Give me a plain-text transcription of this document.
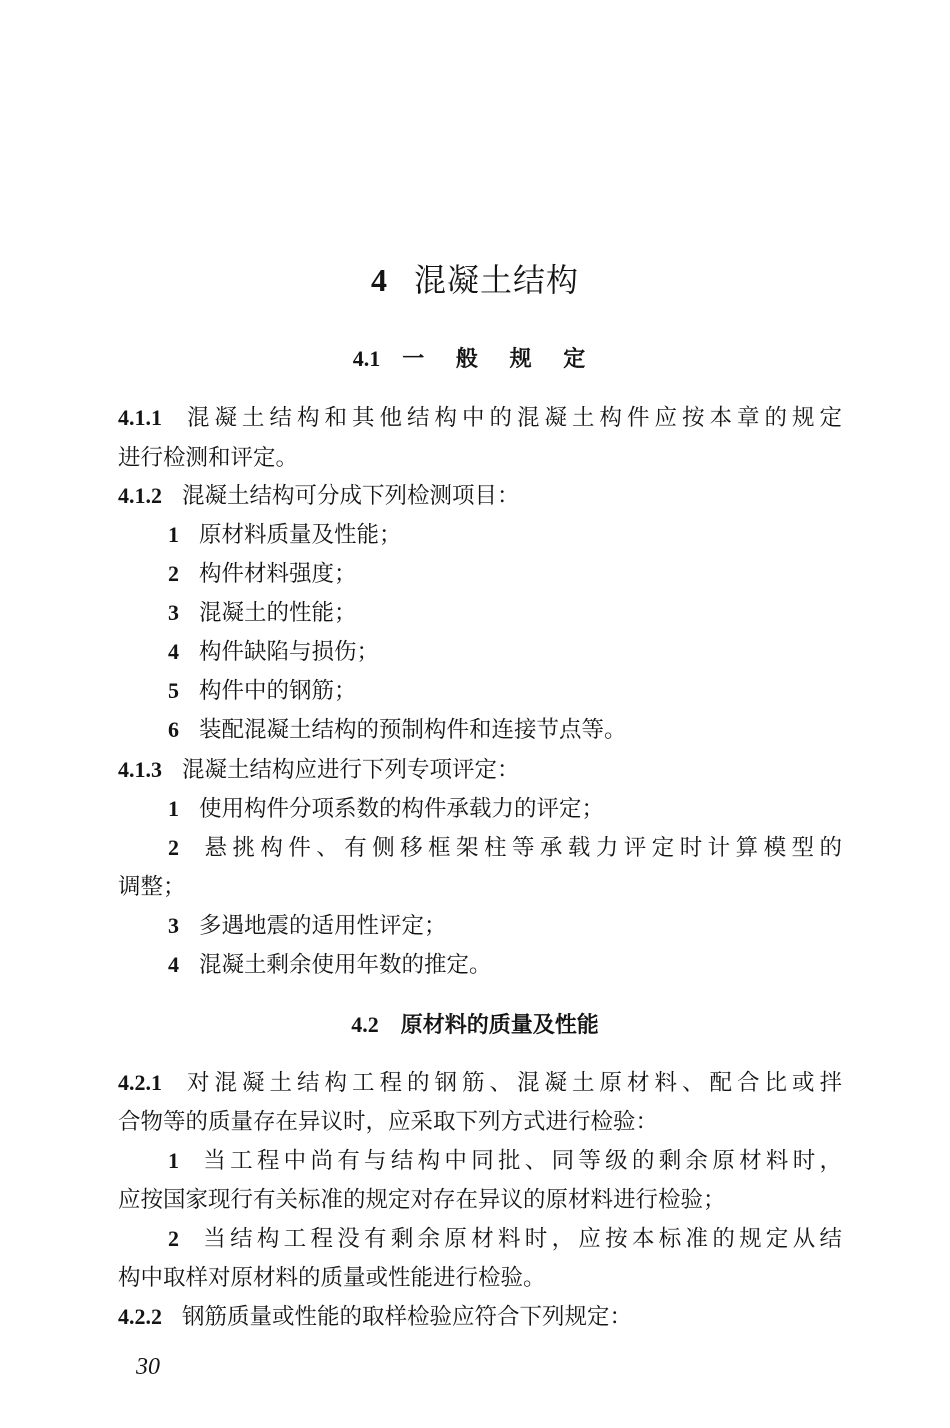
4 混凝土结构
4.1 一 般 规 定
4.1.1 混凝土结构和其他结构中的混凝土构件应按本章的规定
进行检测和评定。
4.1.2 混凝土结构可分成下列检测项目：
1 原材料质量及性能；
2 构件材料强度；
3 混凝土的性能；
4 构件缺陷与损伤；
5 构件中的钢筋；
6 装配混凝土结构的预制构件和连接节点等。
4.1.3 混凝土结构应进行下列专项评定：
1 使用构件分项系数的构件承载力的评定；
2 悬挑构件、有侧移框架柱等承载力评定时计算模型的
调整；
3 多遇地震的适用性评定；
4 混凝土剩余使用年数的推定。
4.2 原材料的质量及性能
4.2.1 对混凝土结构工程的钢筋、混凝土原材料、配合比或拌
合物等的质量存在异议时，应采取下列方式进行检验：
1 当工程中尚有与结构中同批、同等级的剩余原材料时，
应按国家现行有关标准的规定对存在异议的原材料进行检验；
2 当结构工程没有剩余原材料时，应按本标准的规定从结
构中取样对原材料的质量或性能进行检验。
4.2.2 钢筋质量或性能的取样检验应符合下列规定：
30
